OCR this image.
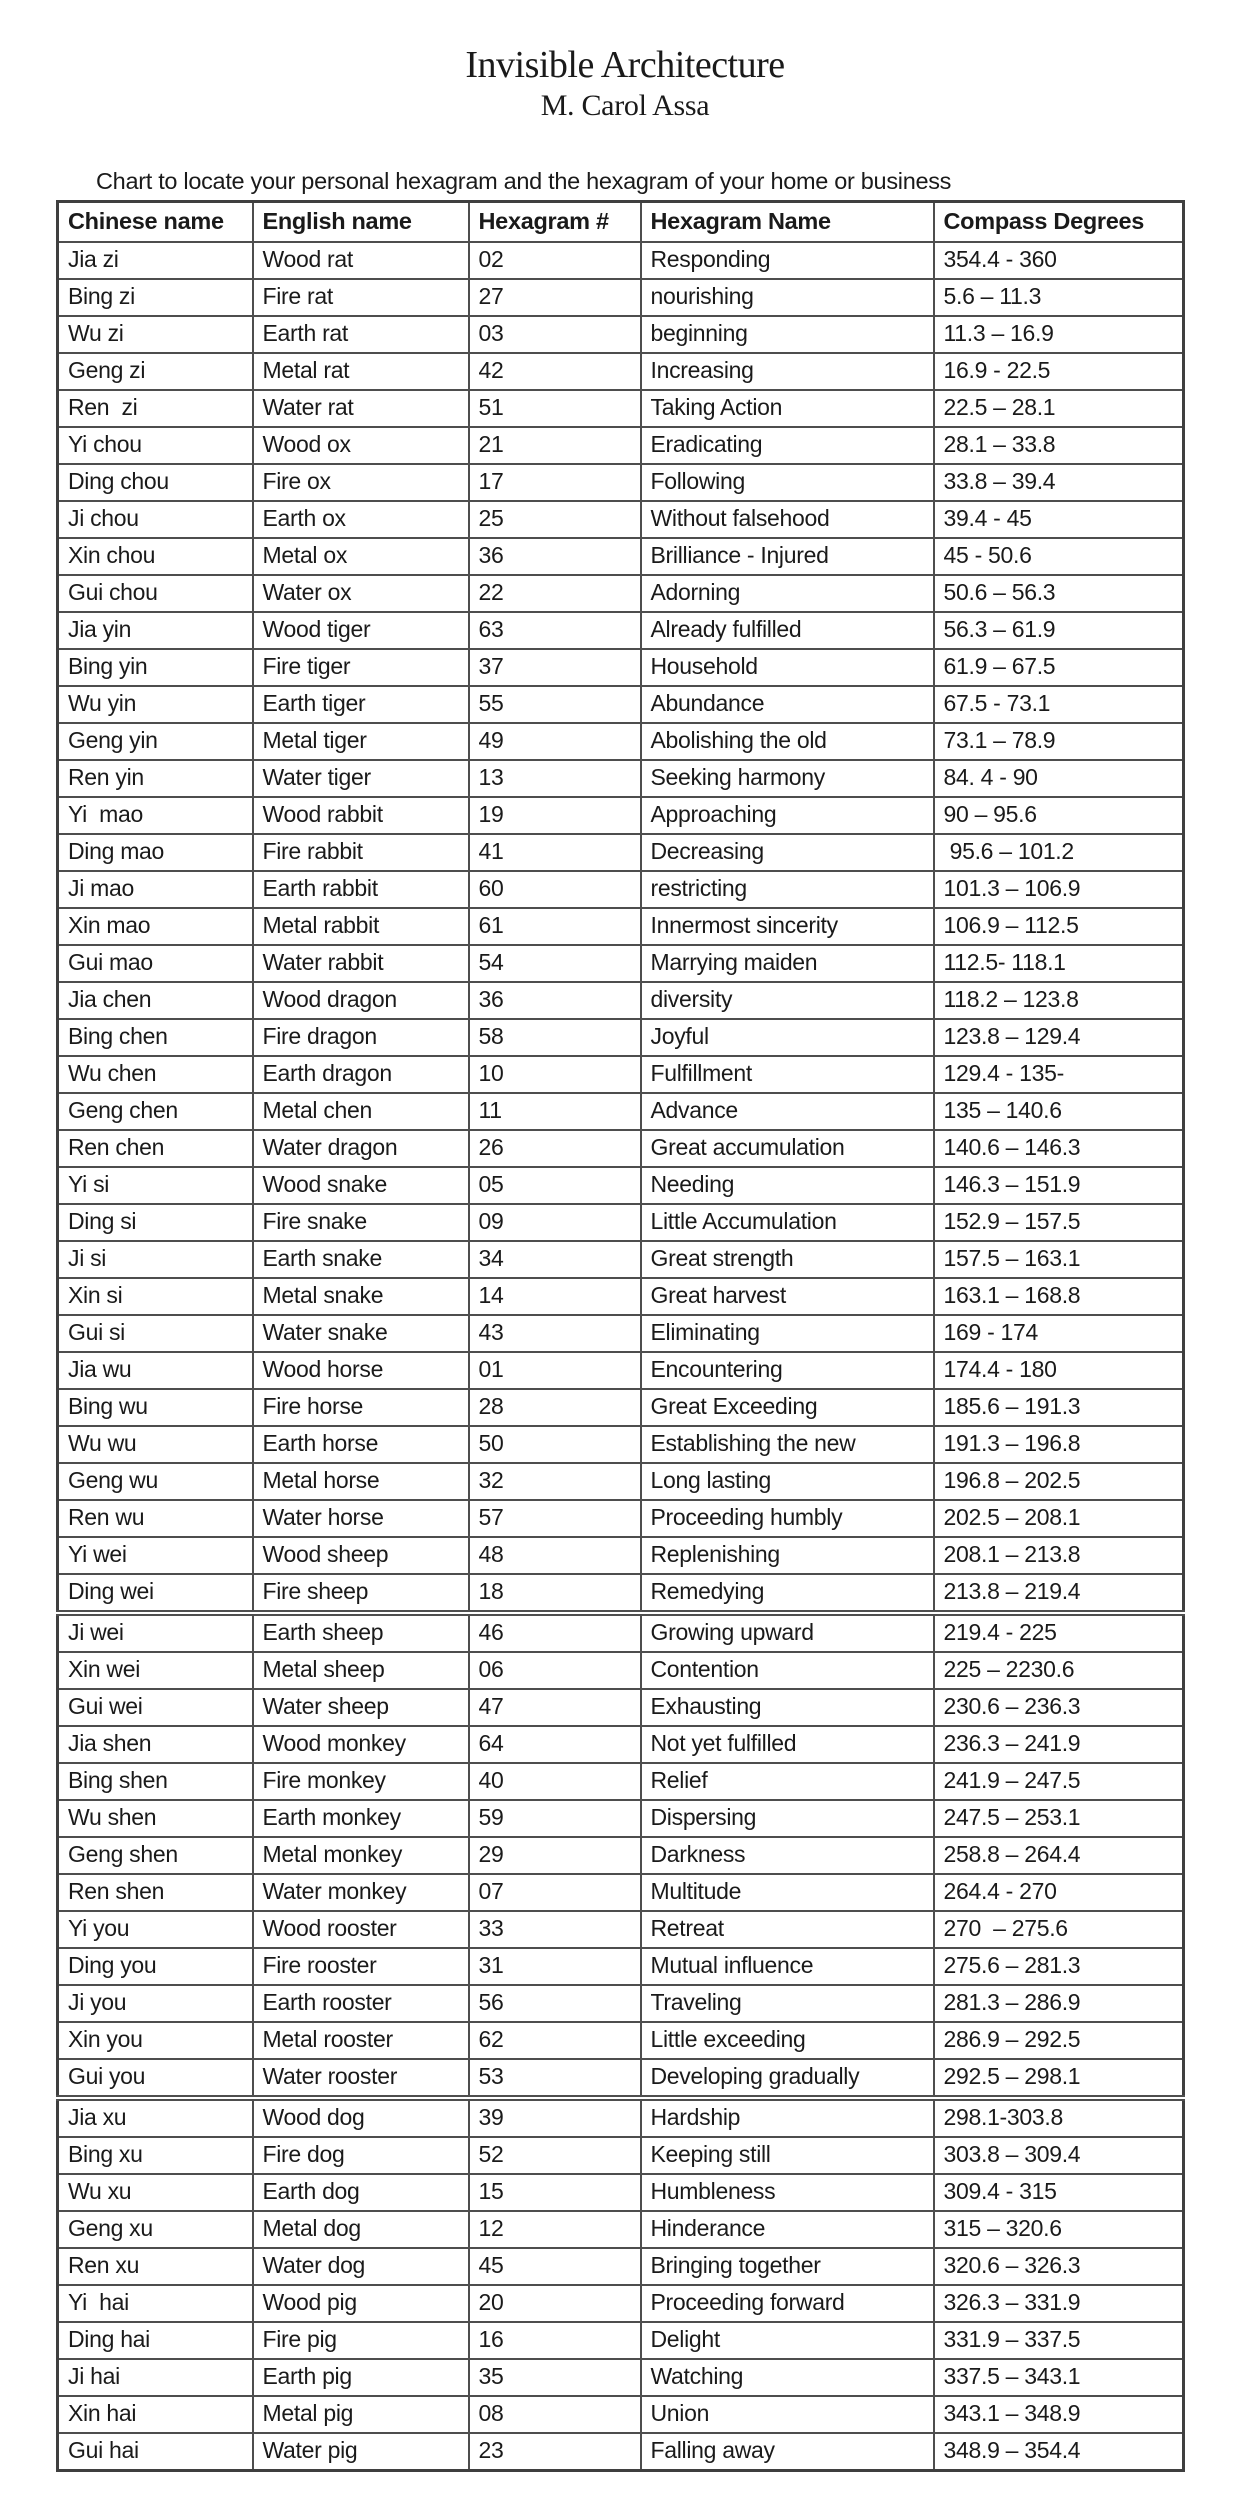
Invisible Architecture
M. Carol Assa

Chart to locate your personal hexagram and the hexagram of your home or business

Chinese name	English name	Hexagram #	Hexagram Name	Compass Degrees
Jia zi	Wood rat	02	Responding	354.4 - 360
Bing zi	Fire rat	27	nourishing	5.6 – 11.3
Wu zi	Earth rat	03	beginning	11.3 – 16.9
Geng zi	Metal rat	42	Increasing	16.9 - 22.5
Ren  zi	Water rat	51	Taking Action	22.5 – 28.1
Yi chou	Wood ox	21	Eradicating	28.1 – 33.8
Ding chou	Fire ox	17	Following	33.8 – 39.4
Ji chou	Earth ox	25	Without falsehood	39.4 - 45
Xin chou	Metal ox	36	Brilliance - Injured	45 - 50.6
Gui chou	Water ox	22	Adorning	50.6 – 56.3
Jia yin	Wood tiger	63	Already fulfilled	56.3 – 61.9
Bing yin	Fire tiger	37	Household	61.9 – 67.5
Wu yin	Earth tiger	55	Abundance	67.5 - 73.1
Geng yin	Metal tiger	49	Abolishing the old	73.1 – 78.9
Ren yin	Water tiger	13	Seeking harmony	84. 4 - 90
Yi  mao	Wood rabbit	19	Approaching	90 – 95.6
Ding mao	Fire rabbit	41	Decreasing	95.6 – 101.2
Ji mao	Earth rabbit	60	restricting	101.3 – 106.9
Xin mao	Metal rabbit	61	Innermost sincerity	106.9 – 112.5
Gui mao	Water rabbit	54	Marrying maiden	112.5- 118.1
Jia chen	Wood dragon	36	diversity	118.2 – 123.8
Bing chen	Fire dragon	58	Joyful	123.8 – 129.4
Wu chen	Earth dragon	10	Fulfillment	129.4 - 135-
Geng chen	Metal chen	11	Advance	135 – 140.6
Ren chen	Water dragon	26	Great accumulation	140.6 – 146.3
Yi si	Wood snake	05	Needing	146.3 – 151.9
Ding si	Fire snake	09	Little Accumulation	152.9 – 157.5
Ji si	Earth snake	34	Great strength	157.5 – 163.1
Xin si	Metal snake	14	Great harvest	163.1 – 168.8
Gui si	Water snake	43	Eliminating	169 - 174
Jia wu	Wood horse	01	Encountering	174.4 - 180
Bing wu	Fire horse	28	Great Exceeding	185.6 – 191.3
Wu wu	Earth horse	50	Establishing the new	191.3 – 196.8
Geng wu	Metal horse	32	Long lasting	196.8 – 202.5
Ren wu	Water horse	57	Proceeding humbly	202.5 – 208.1
Yi wei	Wood sheep	48	Replenishing	208.1 – 213.8
Ding wei	Fire sheep	18	Remedying	213.8 – 219.4
Ji wei	Earth sheep	46	Growing upward	219.4 - 225
Xin wei	Metal sheep	06	Contention	225 – 2230.6
Gui wei	Water sheep	47	Exhausting	230.6 – 236.3
Jia shen	Wood monkey	64	Not yet fulfilled	236.3 – 241.9
Bing shen	Fire monkey	40	Relief	241.9 – 247.5
Wu shen	Earth monkey	59	Dispersing	247.5 – 253.1
Geng shen	Metal monkey	29	Darkness	258.8 – 264.4
Ren shen	Water monkey	07	Multitude	264.4 - 270
Yi you	Wood rooster	33	Retreat	270  – 275.6
Ding you	Fire rooster	31	Mutual influence	275.6 – 281.3
Ji you	Earth rooster	56	Traveling	281.3 – 286.9
Xin you	Metal rooster	62	Little exceeding	286.9 – 292.5
Gui you	Water rooster	53	Developing gradually	292.5 – 298.1
Jia xu	Wood dog	39	Hardship	298.1-303.8
Bing xu	Fire dog	52	Keeping still	303.8 – 309.4
Wu xu	Earth dog	15	Humbleness	309.4 - 315
Geng xu	Metal dog	12	Hinderance	315 – 320.6
Ren xu	Water dog	45	Bringing together	320.6 – 326.3
Yi  hai	Wood pig	20	Proceeding forward	326.3 – 331.9
Ding hai	Fire pig	16	Delight	331.9 – 337.5
Ji hai	Earth pig	35	Watching	337.5 – 343.1
Xin hai	Metal pig	08	Union	343.1 – 348.9
Gui hai	Water pig	23	Falling away	348.9 – 354.4
